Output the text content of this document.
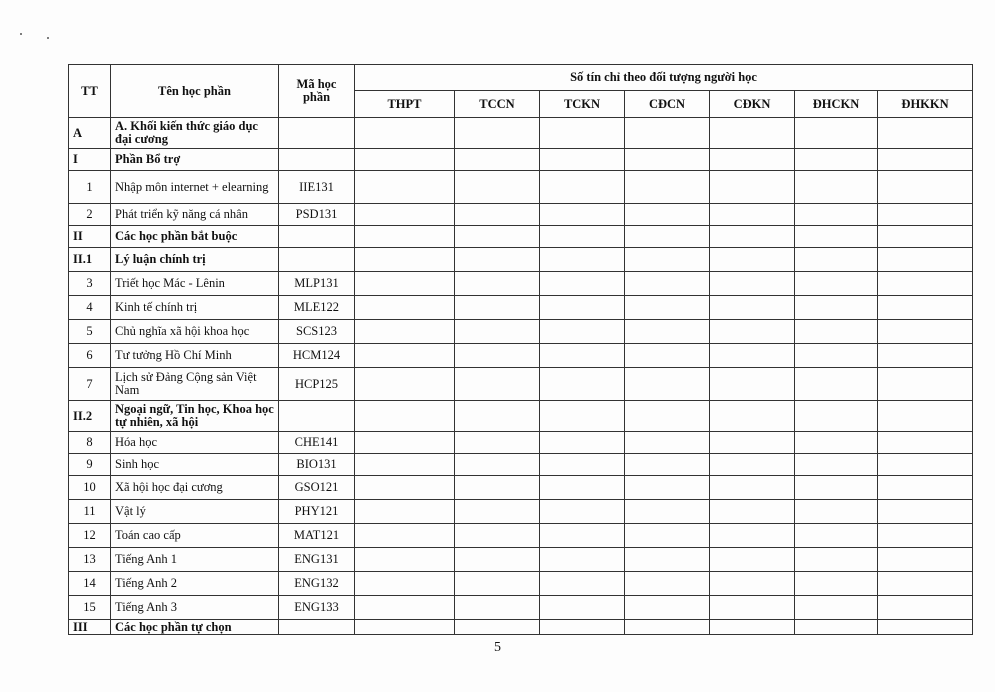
TT	Tên học phần	Mã học phần	Số tín chỉ theo đối tượng người học						
			THPT	TCCN	TCKN	CĐCN	CĐKN	ĐHCKN	ĐHKKN
A	A. Khối kiến thức giáo dục đại cương								
I	Phần Bổ trợ								
1	Nhập môn internet + elearning	IIE131							
2	Phát triển kỹ năng cá nhân	PSD131							
II	Các học phần bắt buộc								
II.1	Lý luận chính trị								
3	Triết học Mác - Lênin	MLP131							
4	Kinh tế chính trị	MLE122							
5	Chủ nghĩa xã hội khoa học	SCS123							
6	Tư tưởng Hồ Chí Minh	HCM124							
7	Lịch sử Đảng Cộng sản Việt Nam	HCP125							
II.2	Ngoại ngữ, Tin học, Khoa học tự nhiên, xã hội								
8	Hóa học	CHE141							
9	Sinh học	BIO131							
10	Xã hội học đại cương	GSO121							
11	Vật lý	PHY121							
12	Toán cao cấp	MAT121							
13	Tiếng Anh 1	ENG131							
14	Tiếng Anh 2	ENG132							
15	Tiếng Anh 3	ENG133							
III	Các học phần tự chọn								
5
